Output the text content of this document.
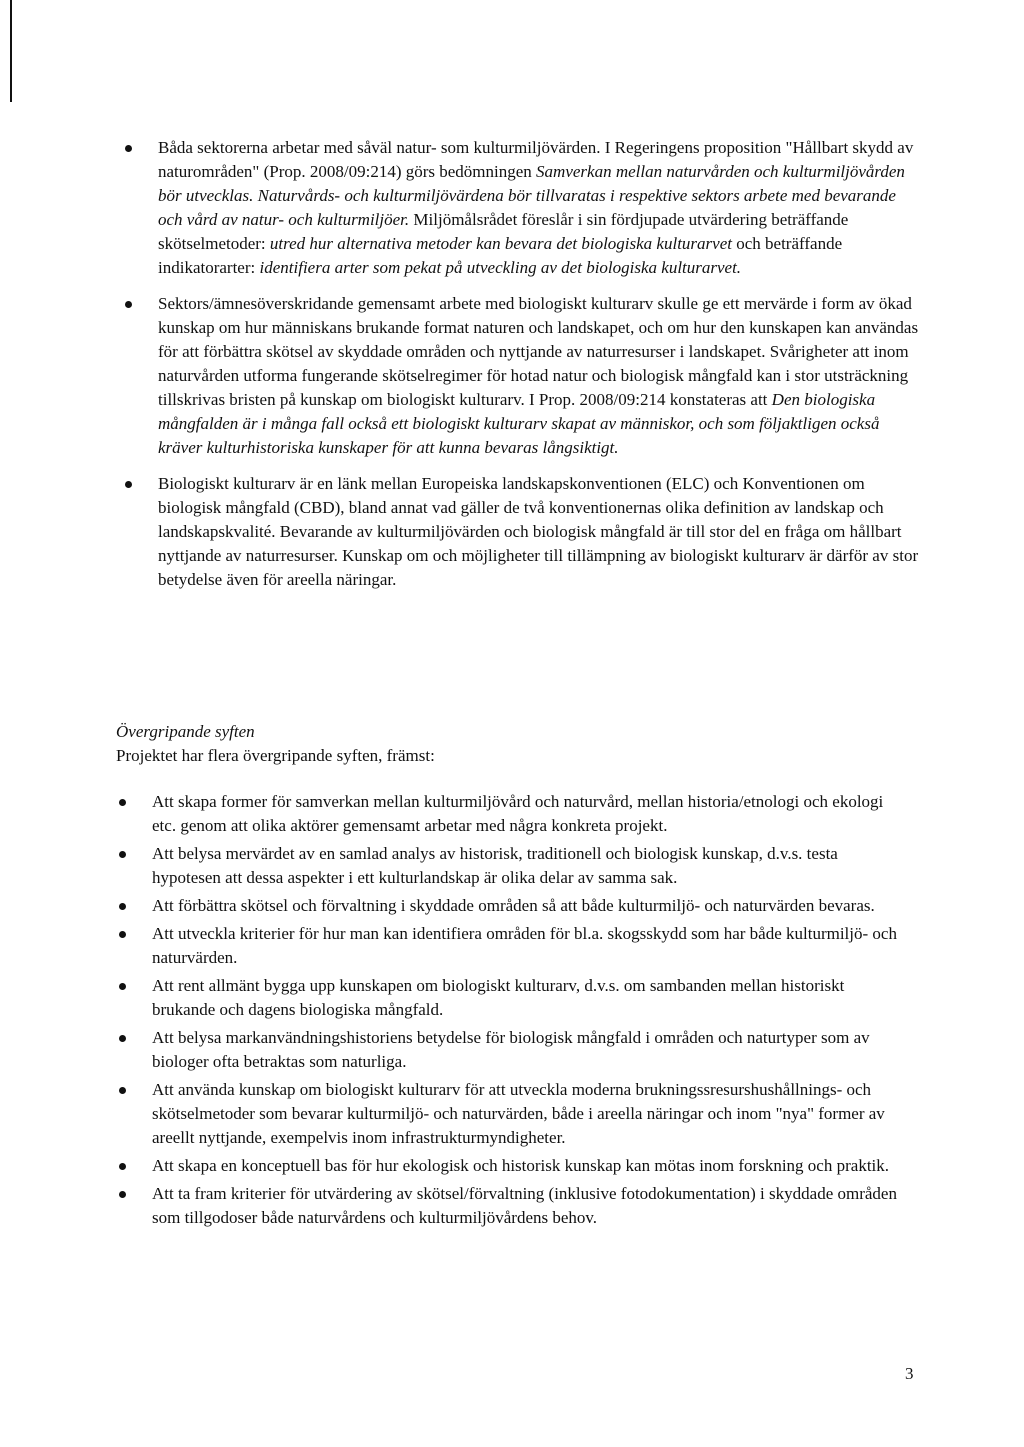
Båda sektorerna arbetar med såväl natur- som kulturmiljövärden. I Regeringens proposition "Hållbart skydd av naturområden" (Prop. 2008/09:214) görs bedömningen Samverkan mellan naturvården och kulturmiljövården bör utvecklas. Naturvårds- och kulturmiljövärdena bör tillvaratas i respektive sektors arbete med bevarande och vård av natur- och kulturmiljöer. Miljömålsrådet föreslår i sin fördjupade utvärdering beträffande skötselmetoder: utred hur alternativa metoder kan bevara det biologiska kulturarvet och beträffande indikatorarter: identifiera arter som pekat på utveckling av det biologiska kulturarvet.
Sektors/ämnesöverskridande gemensamt arbete med biologiskt kulturarv skulle ge ett mervärde i form av ökad kunskap om hur människans brukande format naturen och landskapet, och om hur den kunskapen kan användas för att förbättra skötsel av skyddade områden och nyttjande av naturresurser i landskapet. Svårigheter att inom naturvården utforma fungerande skötselregimer för hotad natur och biologisk mångfald kan i stor utsträckning tillskrivas bristen på kunskap om biologiskt kulturarv. I Prop. 2008/09:214 konstateras att Den biologiska mångfalden är i många fall också ett biologiskt kulturarv skapat av människor, och som följaktligen också kräver kulturhistoriska kunskaper för att kunna bevaras långsiktigt.
Biologiskt kulturarv är en länk mellan Europeiska landskapskonventionen (ELC) och Konventionen om biologisk mångfald (CBD), bland annat vad gäller de två konventionernas olika definition av landskap och landskapskvalité. Bevarande av kulturmiljövärden och biologisk mångfald är till stor del en fråga om hållbart nyttjande av naturresurser. Kunskap om och möjligheter till tillämpning av biologiskt kulturarv är därför av stor betydelse även för areella näringar.
Övergripande syften
Projektet har flera övergripande syften, främst:
Att skapa former för samverkan mellan kulturmiljövård och naturvård, mellan historia/etnologi och ekologi etc. genom att olika aktörer gemensamt arbetar med några konkreta projekt.
Att belysa mervärdet av en samlad analys av historisk, traditionell och biologisk kunskap, d.v.s. testa hypotesen att dessa aspekter i ett kulturlandskap är olika delar av samma sak.
Att förbättra skötsel och förvaltning i skyddade områden så att både kulturmiljö- och naturvärden bevaras.
Att utveckla kriterier för hur man kan identifiera områden för bl.a. skogsskydd som har både kulturmiljö- och naturvärden.
Att rent allmänt bygga upp kunskapen om biologiskt kulturarv, d.v.s. om sambanden mellan historiskt brukande och dagens biologiska mångfald.
Att belysa markanvändningshistoriens betydelse för biologisk mångfald i områden och naturtyper som av biologer ofta betraktas som naturliga.
Att använda kunskap om biologiskt kulturarv för att utveckla moderna brukningssresurshushållnings- och skötselmetoder som bevarar kulturmiljö- och naturvärden, både i areella näringar och inom "nya" former av areellt nyttjande, exempelvis inom infrastrukturmyndigheter.
Att skapa en konceptuell bas för hur ekologisk och historisk kunskap kan mötas inom forskning och praktik.
Att ta fram kriterier för utvärdering av skötsel/förvaltning (inklusive fotodokumentation) i skyddade områden som tillgodoser både naturvårdens och kulturmiljövårdens behov.
3
